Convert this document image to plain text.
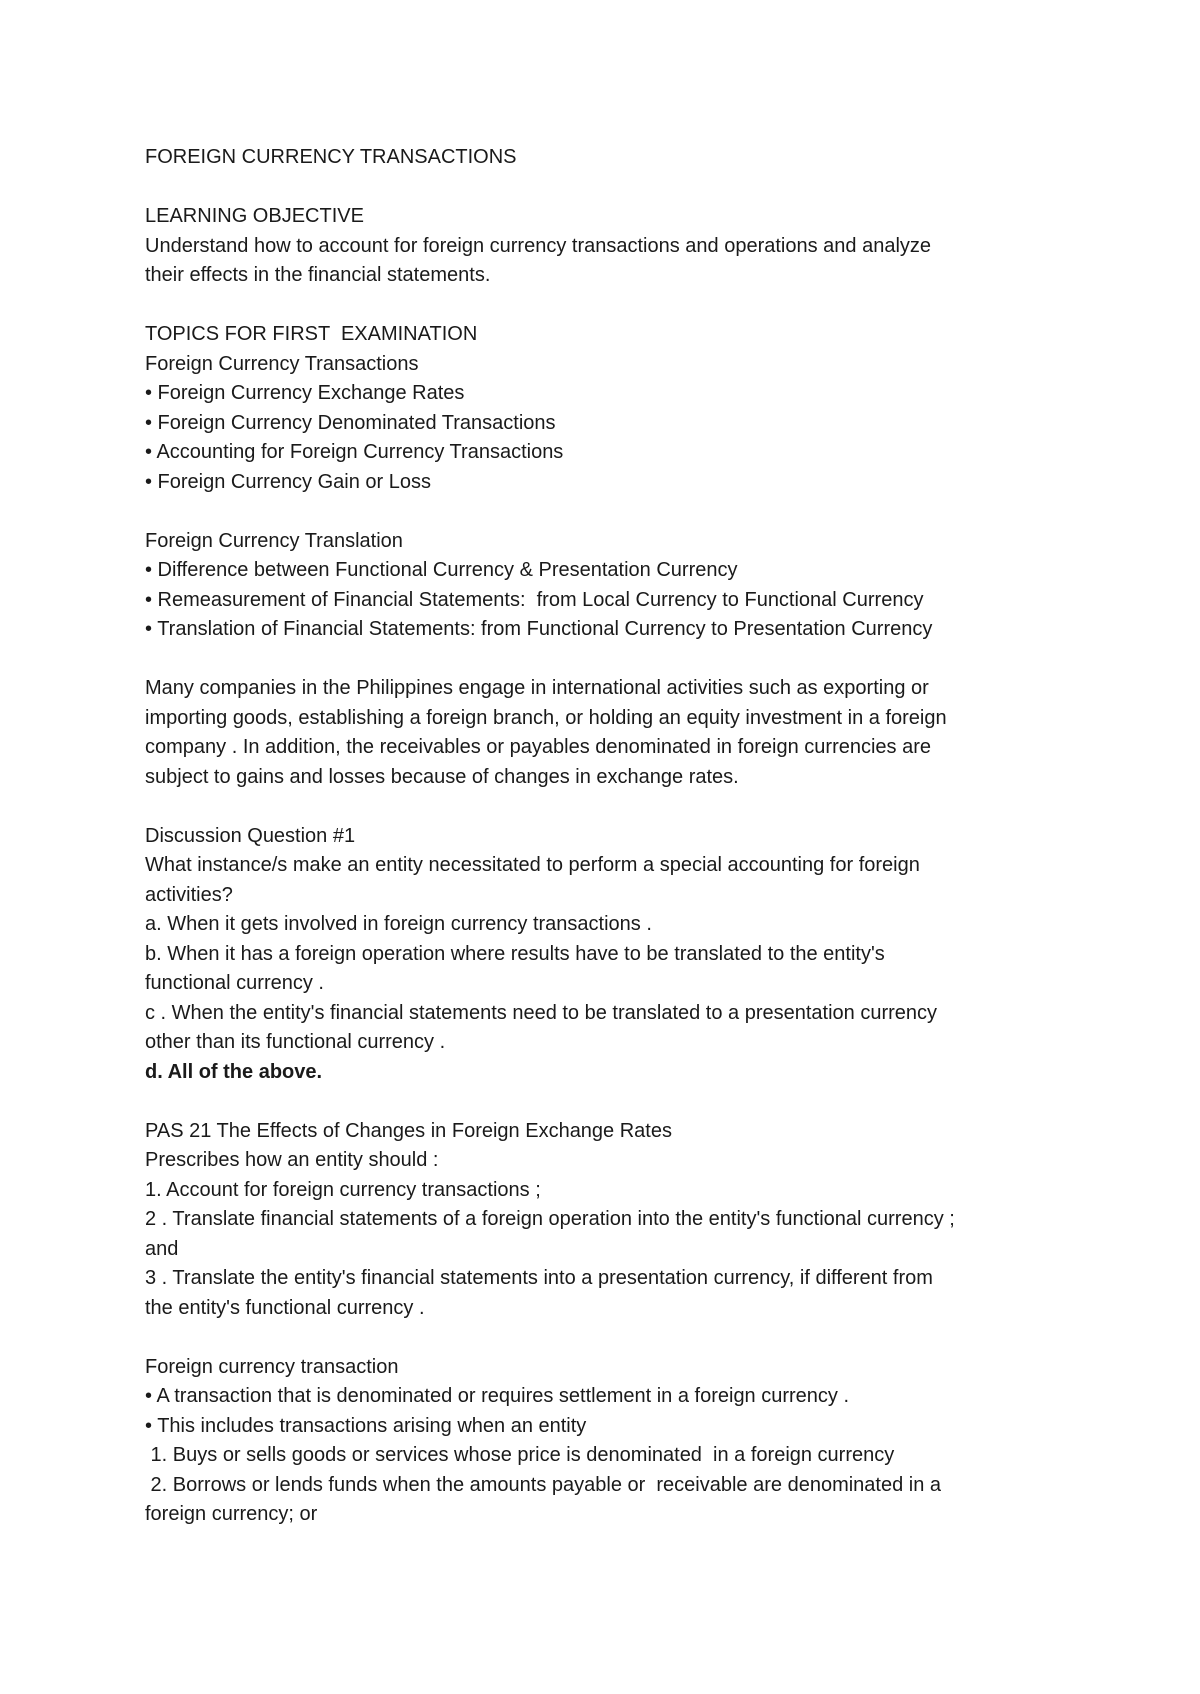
FOREIGN CURRENCY TRANSACTIONS
LEARNING OBJECTIVE
Understand how to account for foreign currency transactions and operations and analyze
their effects in the financial statements.
TOPICS FOR FIRST  EXAMINATION
Foreign Currency Transactions
• Foreign Currency Exchange Rates
• Foreign Currency Denominated Transactions
• Accounting for Foreign Currency Transactions
• Foreign Currency Gain or Loss
Foreign Currency Translation
• Difference between Functional Currency & Presentation Currency
• Remeasurement of Financial Statements:  from Local Currency to Functional Currency
• Translation of Financial Statements: from Functional Currency to Presentation Currency
Many companies in the Philippines engage in international activities such as exporting or
importing goods, establishing a foreign branch, or holding an equity investment in a foreign
company . In addition, the receivables or payables denominated in foreign currencies are
subject to gains and losses because of changes in exchange rates.
Discussion Question #1
What instance/s make an entity necessitated to perform a special accounting for foreign
activities?
a. When it gets involved in foreign currency transactions .
b. When it has a foreign operation where results have to be translated to the entity's
functional currency .
c . When the entity's financial statements need to be translated to a presentation currency
other than its functional currency .
d. All of the above.
PAS 21 The Effects of Changes in Foreign Exchange Rates
Prescribes how an entity should :
1. Account for foreign currency transactions ;
2 . Translate financial statements of a foreign operation into the entity's functional currency ;
and
3 . Translate the entity's financial statements into a presentation currency, if different from
the entity's functional currency .
Foreign currency transaction
• A transaction that is denominated or requires settlement in a foreign currency .
• This includes transactions arising when an entity
1. Buys or sells goods or services whose price is denominated  in a foreign currency
2. Borrows or lends funds when the amounts payable or  receivable are denominated in a
foreign currency; or
